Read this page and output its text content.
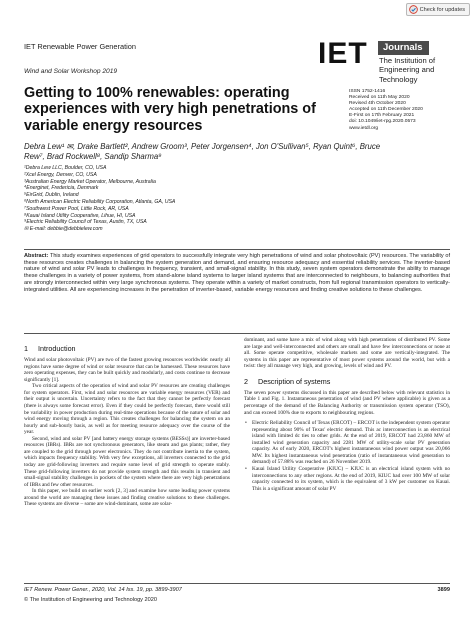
Check for updates
IET Renewable Power Generation
Wind and Solar Workshop 2019
IET	Journals
The Institution of
Engineering and Technology
Getting to 100% renewables: operating
experiences with very high penetrations of
variable energy resources
ISSN 1752-1416
Received on 11th May 2020
Revised 4th October 2020
Accepted on 11th December 2020
E-First on 17th February 2021
doi: 10.1049/iet-rpg.2020.0573
www.ietdl.org
Debra Lew¹ ✉, Drake Bartlett², Andrew Groom³, Peter Jorgensen⁴, Jon O'Sullivan⁵, Ryan Quint⁶, Bruce
Rew⁷, Brad Rockwell⁸, Sandip Sharma⁹
¹Debra Lew LLC, Boulder, CO, USA
²Xcel Energy, Denver, CO, USA
³Australian Energy Market Operator, Melbourne, Australia
⁴Energinet, Fredericia, Denmark
⁵EirGrid, Dublin, Ireland
⁶North American Electric Reliability Corporation, Atlanta, GA, USA
⁷Southwest Power Pool, Little Rock, AR, USA
⁸Kauai Island Utility Cooperative, Lihue, HI, USA
⁹Electric Reliability Council of Texas, Austin, TX, USA
✉ E-mail: debbie@debbielew.com
Abstract: This study examines experiences of grid operators to successfully integrate very high penetrations of wind and solar photovoltaic (PV) resources. The variability of these resources creates challenges in balancing the system generation and demand, and ensuring resource adequacy and essential reliability services. The inverter-based nature of wind and solar PV leads to challenges in frequency, transient, and small-signal stability. In this study, seven system operators demonstrate the ability to manage these challenges in a variety of power systems, from stand-alone island systems to larger island systems that are interconnected to neighbours, to balancing authorities that are strongly interconnected within very large synchronous systems. They operate within a variety of market constructs, from full regional transmission operators to vertically-integrated utilities. All are experiencing increases in the penetration of inverter-based, variable energy resources and finding creative solutions to these challenges.
1 Introduction

Wind and solar photovoltaic (PV) are two of the fastest growing resources worldwide: nearly all regions have some degree of wind or solar resource that can be harnessed. These resources have zero operating expenses, they can be built quickly and modularly, and costs continue to decrease significantly [1].

Two critical aspects of the operation of wind and solar PV resources are creating challenges for system operators. First, wind and solar resources are variable energy resources (VER) and their output is uncertain. Uncertainty refers to the fact that they cannot be perfectly forecast (there is always some forecast error). Even if they could be perfectly forecast, there would still be variability in power production during real-time operations because of the nature of solar and wind energy moving through a region. This creates challenges for balancing the system on an hourly and sub-hourly basis, as well as for meeting resource adequacy over the course of the year.

Second, wind and solar PV [and battery energy storage systems (BESSs)] are inverter-based resources (IBRs). IBRs are not synchronous generators, like steam and gas plants; rather, they are coupled to the grid through power electronics. They do not contribute inertia to the system, which impacts frequency stability. With very few exceptions, all inverters connected to the grid today are grid-following inverters and require some level of grid strength to operate stably. These grid-following inverters do not provide system strength and this results in transient and small-signal stability challenges in pockets of the system where there are very high penetrations of IBRs and few other resources.

In this paper, we build on earlier work [2, 3] and examine how some leading power systems around the world are managing these issues and finding creative solutions to these challenges. These systems are diverse – some are wind-dominant, some are solar-

dominant, and some have a mix of wind along with high penetrations of distributed PV. Some are large and well-interconnected and others are small and have few interconnections or none at all. Some operate competitive, wholesale markets and some are vertically-integrated. The systems in this paper are representative of most power systems around the world, but with a twist: they all manage very high, and growing, levels of wind and PV.

2 Description of systems

The seven power systems discussed in this paper are described below with relevant statistics in Table 1 and Fig. 1. Instantaneous penetration of wind (and PV where applicable) is given as a percentage of the demand of the Balancing Authority or transmission system operator (TSO), and can exceed 100% due to exports to neighbouring regions.

• Electric Reliability Council of Texas (ERCOT) – ERCOT is the independent system operator representing about 90% of Texas' electric demand. This ac interconnection is an electrical island with limited dc ties to other grids. At the end of 2019, ERCOT had 23,860 MW of installed wind generation capacity and 2281 MW of utility-scale solar PV generation capacity. As of early 2020, ERCOT's highest instantaneous wind power output was 20,066 MW. Its highest instantaneous wind penetration (ratio of instantaneous wind generation to demand) of 57.88% was reached on 26 November 2019.
• Kauai Island Utility Cooperative (KIUC) – KIUC is an electrical island system with no interconnections to any other regions. At the end of 2019, KIUC had over 100 MW of solar capacity connected to its system, which is the equivalent of 3 kW per customer on Kauai. This is a significant amount of solar PV
IET Renew. Power Gener., 2020, Vol. 14 Iss. 19, pp. 3899-3907
© The Institution of Engineering and Technology 2020
3899
